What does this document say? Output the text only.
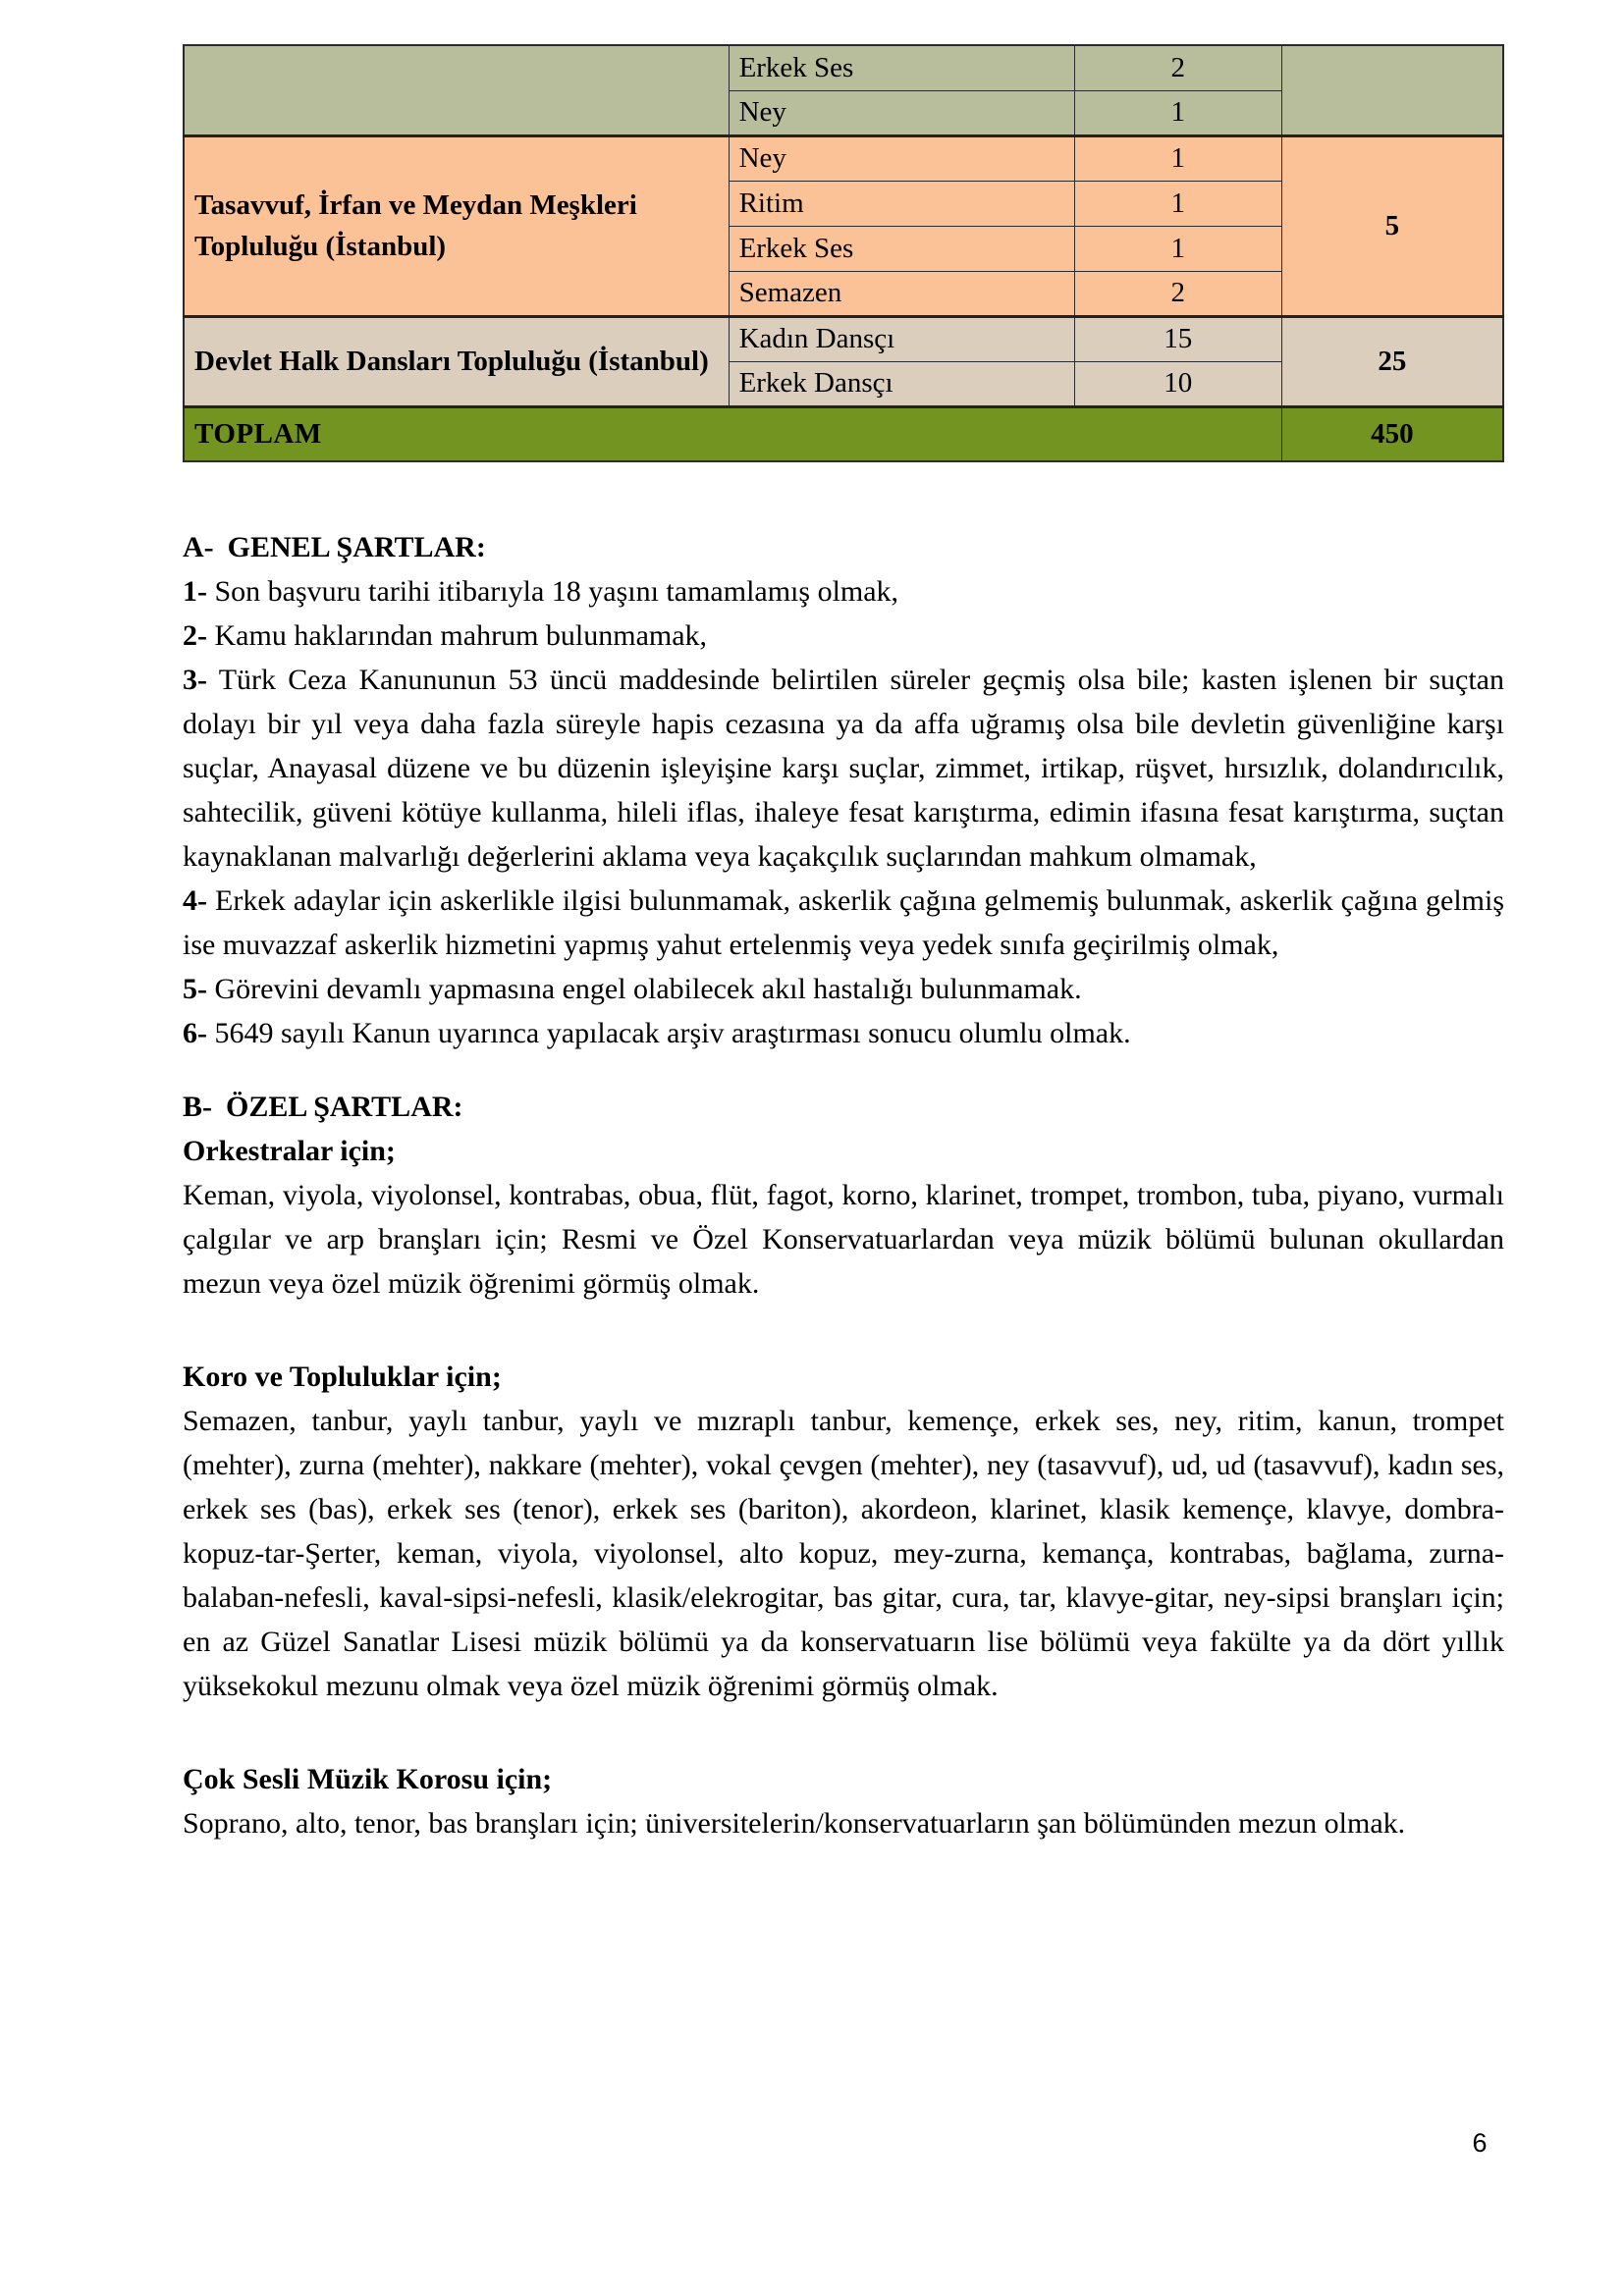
	Erkek Ses	2	
	Ney	1	
Tasavvuf, İrfan ve Meydan Meşkleri Topluluğu (İstanbul)	Ney	1	5
	Ritim	1	
	Erkek Ses	1	
	Semazen	2	
Devlet Halk Dansları Topluluğu (İstanbul)	Kadın Dansçı	15	25
	Erkek Dansçı	10	
TOPLAM			450

A- GENEL ŞARTLAR:

1- Son başvuru tarihi itibarıyla 18 yaşını tamamlamış olmak,

2- Kamu haklarından mahrum bulunmamak,

3- Türk Ceza Kanununun 53 üncü maddesinde belirtilen süreler geçmiş olsa bile; kasten işlenen bir suçtan dolayı bir yıl veya daha fazla süreyle hapis cezasına ya da affa uğramış olsa bile devletin güvenliğine karşı suçlar, Anayasal düzene ve bu düzenin işleyişine karşı suçlar, zimmet, irtikap, rüşvet, hırsızlık, dolandırıcılık, sahtecilik, güveni kötüye kullanma, hileli iflas, ihaleye fesat karıştırma, edimin ifasına fesat karıştırma, suçtan kaynaklanan malvarlığı değerlerini aklama veya kaçakçılık suçlarından mahkum olmamak,

4- Erkek adaylar için askerlikle ilgisi bulunmamak, askerlik çağına gelmemiş bulunmak, askerlik çağına gelmiş ise muvazzaf askerlik hizmetini yapmış yahut ertelenmiş veya yedek sınıfa geçirilmiş olmak,

5- Görevini devamlı yapmasına engel olabilecek akıl hastalığı bulunmamak.

6- 5649 sayılı Kanun uyarınca yapılacak arşiv araştırması sonucu olumlu olmak.

B- ÖZEL ŞARTLAR:

Orkestralar için;

Keman, viyola, viyolonsel, kontrabas, obua, flüt, fagot, korno, klarinet, trompet, trombon, tuba, piyano, vurmalı çalgılar ve arp branşları için; Resmi ve Özel Konservatuarlardan veya müzik bölümü bulunan okullardan mezun veya özel müzik öğrenimi görmüş olmak.

Koro ve Topluluklar için;

Semazen, tanbur, yaylı tanbur, yaylı ve mızraplı tanbur, kemençe, erkek ses, ney, ritim, kanun, trompet (mehter), zurna (mehter), nakkare (mehter), vokal çevgen (mehter), ney (tasavvuf), ud, ud (tasavvuf), kadın ses, erkek ses (bas), erkek ses (tenor), erkek ses (bariton), akordeon, klarinet, klasik kemençe, klavye, dombra-kopuz-tar-Şerter, keman, viyola, viyolonsel, alto kopuz, mey-zurna, kemança, kontrabas, bağlama, zurna-balaban-nefesli, kaval-sipsi-nefesli, klasik/elekrogitar, bas gitar, cura, tar, klavye-gitar, ney-sipsi branşları için; en az Güzel Sanatlar Lisesi müzik bölümü ya da konservatuarın lise bölümü veya fakülte ya da dört yıllık yüksekokul mezunu olmak veya özel müzik öğrenimi görmüş olmak.

Çok Sesli Müzik Korosu için;

Soprano, alto, tenor, bas branşları için; üniversitelerin/konservatuarların şan bölümünden mezun olmak.

6
